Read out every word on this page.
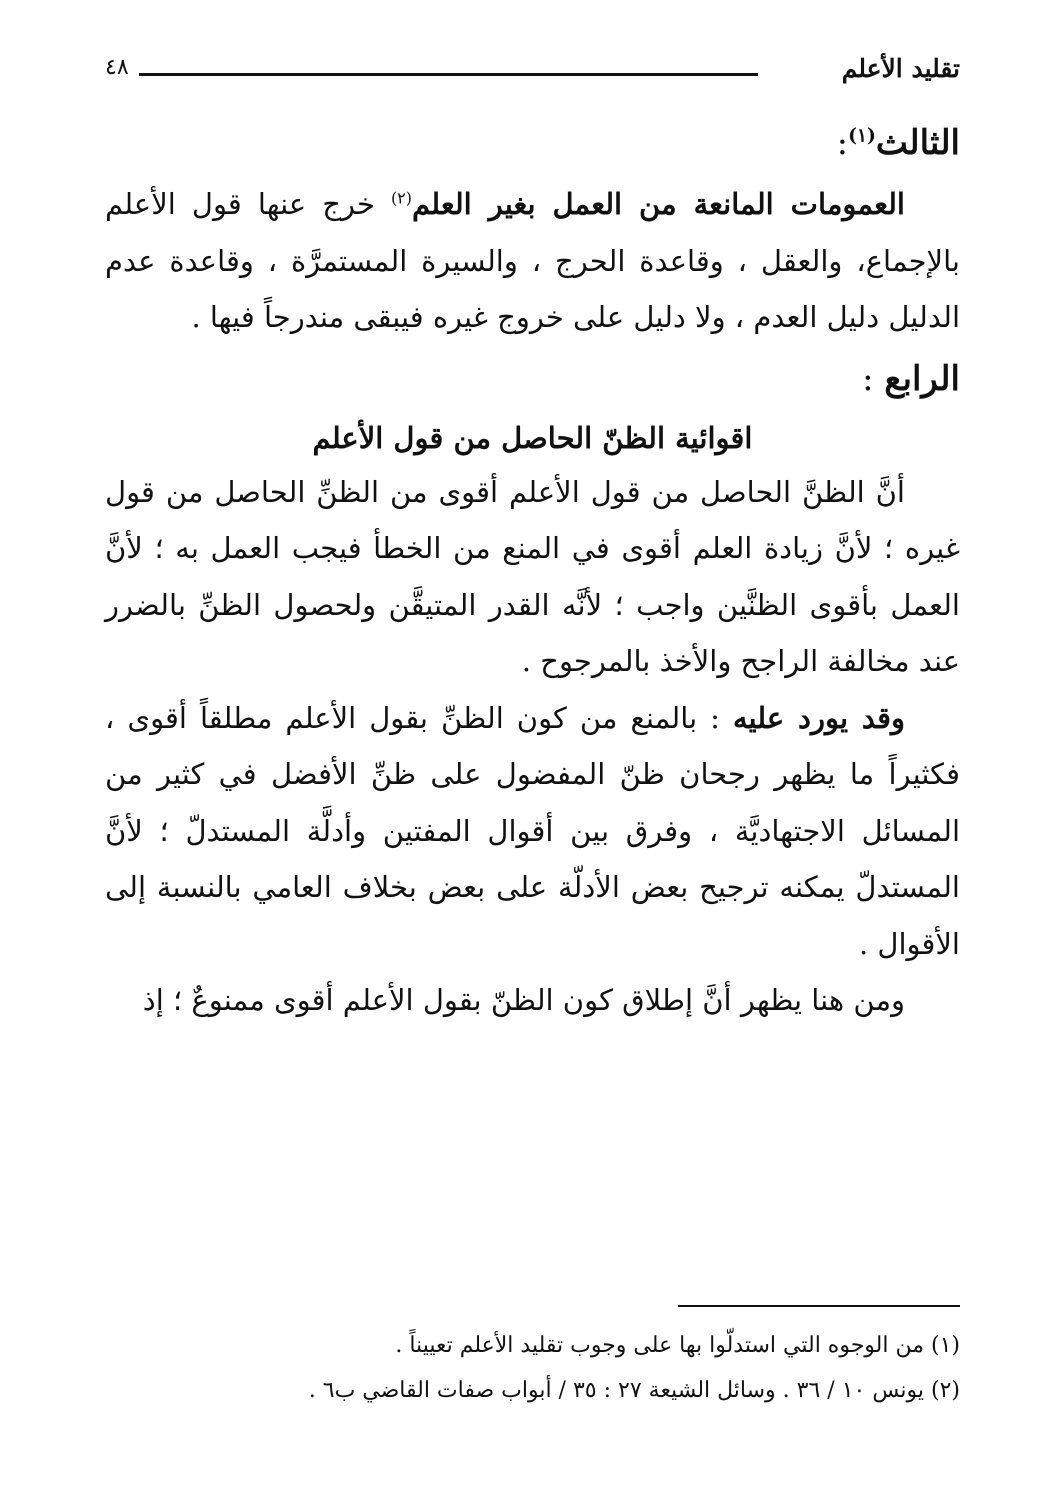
تقليد الأعلم
٤٨

الثالث$^{(١)}$:

العمومات المانعة من العمل بغير العلم$^{(٢)}$ خرج عنها قول الأعلم بالإجماع، والعقل ، وقاعدة الحرج ، والسيرة المستمرَّة ، وقاعدة عدم الدليل دليل العدم ، ولا دليل على خروج غيره فيبقى مندرجاً فيها .

الرابع :

اقوائية الظنّ الحاصل من قول الأعلم

أنَّ الظنَّ الحاصل من قول الأعلم أقوى من الظنِّ الحاصل من قول غيره ؛ لأنَّ زيادة العلم أقوى في المنع من الخطأ فيجب العمل به ؛ لأنَّ العمل بأقوى الظنَّين واجب ؛ لأنَّه القدر المتيقَّن ولحصول الظنِّ بالضرر عند مخالفة الراجح والأخذ بالمرجوح .

وقد يورد عليه : بالمنع من كون الظنِّ بقول الأعلم مطلقاً أقوى ، فكثيراً ما يظهر رجحان ظنّ المفضول على ظنِّ الأفضل في كثير من المسائل الاجتهاديَّة ، وفرق بين أقوال المفتين وأدلَّة المستدلّ ؛ لأنَّ المستدلّ يمكنه ترجيح بعض الأدلّة على بعض بخلاف العامي بالنسبة إلى الأقوال .

ومن هنا يظهر أنَّ إطلاق كون الظنّ بقول الأعلم أقوى ممنوعٌ ؛ إذ

(١) من الوجوه التي استدلّوا بها على وجوب تقليد الأعلم تعييناً .

(٢) يونس ١٠ / ٣٦ . وسائل الشيعة ٢٧ : ٣٥ / أبواب صفات القاضي ب٦ .
